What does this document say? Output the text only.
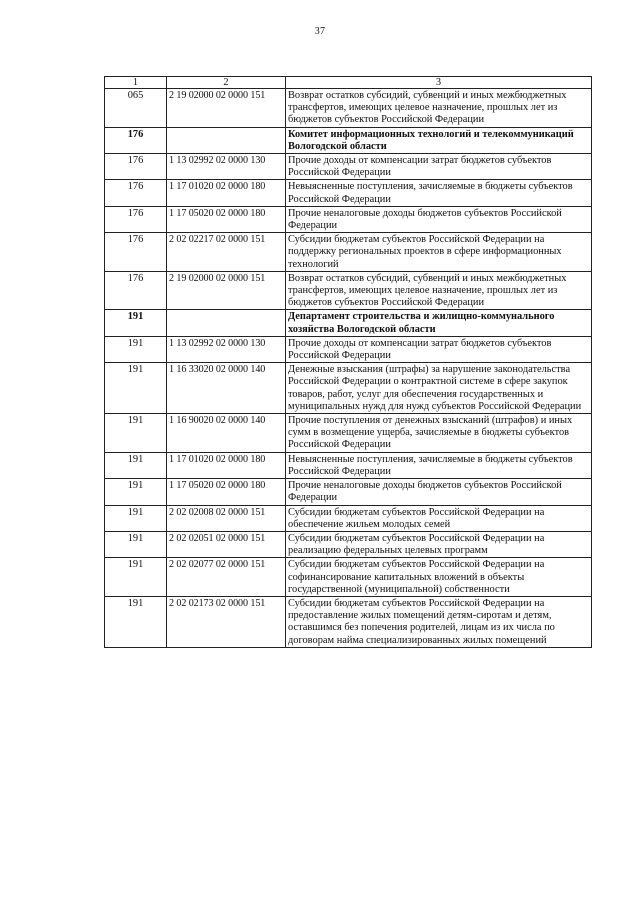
37
1	2	3
065	2 19 02000 02 0000 151	Возврат остатков субсидий, субвенций и иных межбюджетных трансфертов, имеющих целевое назначение, прошлых лет из бюджетов субъектов Российской Федерации
176		Комитет информационных технологий и телекоммуникаций Вологодской области
176	1 13 02992 02 0000 130	Прочие доходы от компенсации затрат бюджетов субъектов Российской Федерации
176	1 17 01020 02 0000 180	Невыясненные поступления, зачисляемые в бюджеты субъектов Российской Федерации
176	1 17 05020 02 0000 180	Прочие неналоговые доходы бюджетов субъектов Российской Федерации
176	2 02 02217 02 0000 151	Субсидии бюджетам субъектов Российской Федерации на поддержку региональных проектов в сфере информационных технологий
176	2 19 02000 02 0000 151	Возврат остатков субсидий, субвенций и иных межбюджетных трансфертов, имеющих целевое назначение, прошлых лет из бюджетов субъектов Российской Федерации
191		Департамент строительства и жилищно-коммунального хозяйства Вологодской области
191	1 13 02992 02 0000 130	Прочие доходы от компенсации затрат бюджетов субъектов Российской Федерации
191	1 16 33020 02 0000 140	Денежные взыскания (штрафы) за нарушение законодательства Российской Федерации о контрактной системе в сфере закупок товаров, работ, услуг для обеспечения государственных и муниципальных нужд для нужд субъектов Российской Федерации
191	1 16 90020 02 0000 140	Прочие поступления от денежных взысканий (штрафов) и иных сумм в возмещение ущерба, зачисляемые в бюджеты субъектов Российской Федерации
191	1 17 01020 02 0000 180	Невыясненные поступления, зачисляемые в бюджеты субъектов Российской Федерации
191	1 17 05020 02 0000 180	Прочие неналоговые доходы бюджетов субъектов Российской Федерации
191	2 02 02008 02 0000 151	Субсидии бюджетам субъектов Российской Федерации на обеспечение жильем молодых семей
191	2 02 02051 02 0000 151	Субсидии бюджетам субъектов Российской Федерации на реализацию федеральных целевых программ
191	2 02 02077 02 0000 151	Субсидии бюджетам субъектов Российской Федерации на софинансирование капитальных вложений в объекты государственной (муниципальной) собственности
191	2 02 02173 02 0000 151	Субсидии бюджетам субъектов Российской Федерации на предоставление жилых помещений детям-сиротам и детям, оставшимся без попечения родителей, лицам из их числа по договорам найма специализированных жилых помещений
